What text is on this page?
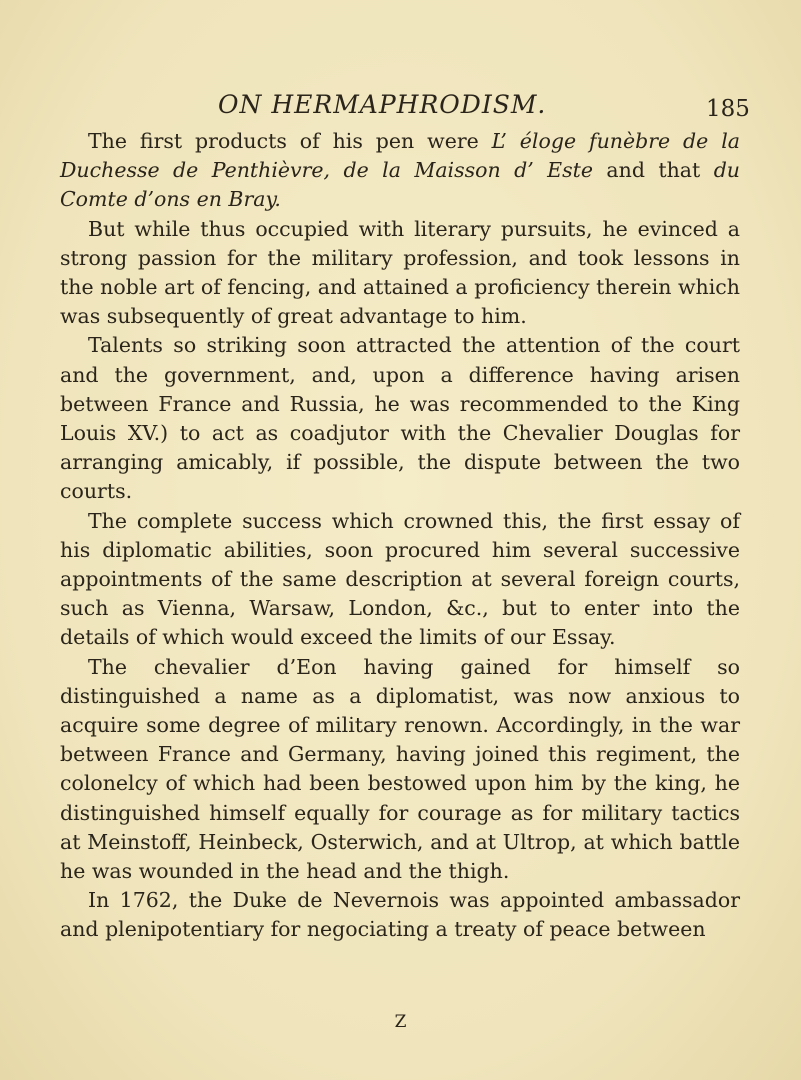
ON HERMAPHRODISM.	185

The first products of his pen were L’ éloge funèbre de la Duchesse de Penthièvre, de la Maisson d’ Este and that du Comte d’ons en Bray.

But while thus occupied with literary pursuits, he evinced a strong passion for the military profession, and took lessons in the noble art of fencing, and attained a proficiency therein which was subsequently of great advantage to him.

Talents so striking soon attracted the attention of the court and the government, and, upon a difference having arisen between France and Russia, he was recommended to the King Louis XV.) to act as coadjutor with the Chevalier Douglas for arranging amicably, if possible, the dispute between the two courts.

The complete success which crowned this, the first essay of his diplomatic abilities, soon procured him several successive appointments of the same description at several foreign courts, such as Vienna, Warsaw, London, &c., but to enter into the details of which would exceed the limits of our Essay.

The chevalier d’Eon having gained for himself so distinguished a name as a diplomatist, was now anxious to acquire some degree of military renown. Accordingly, in the war between France and Germany, having joined this regiment, the colonelcy of which had been bestowed upon him by the king, he distinguished himself equally for courage as for military tactics at Meinstoff, Heinbeck, Osterwich, and at Ultrop, at which battle he was wounded in the head and the thigh.

In 1762, the Duke de Nevernois was appointed ambassador and plenipotentiary for negociating a treaty of peace between

Z
